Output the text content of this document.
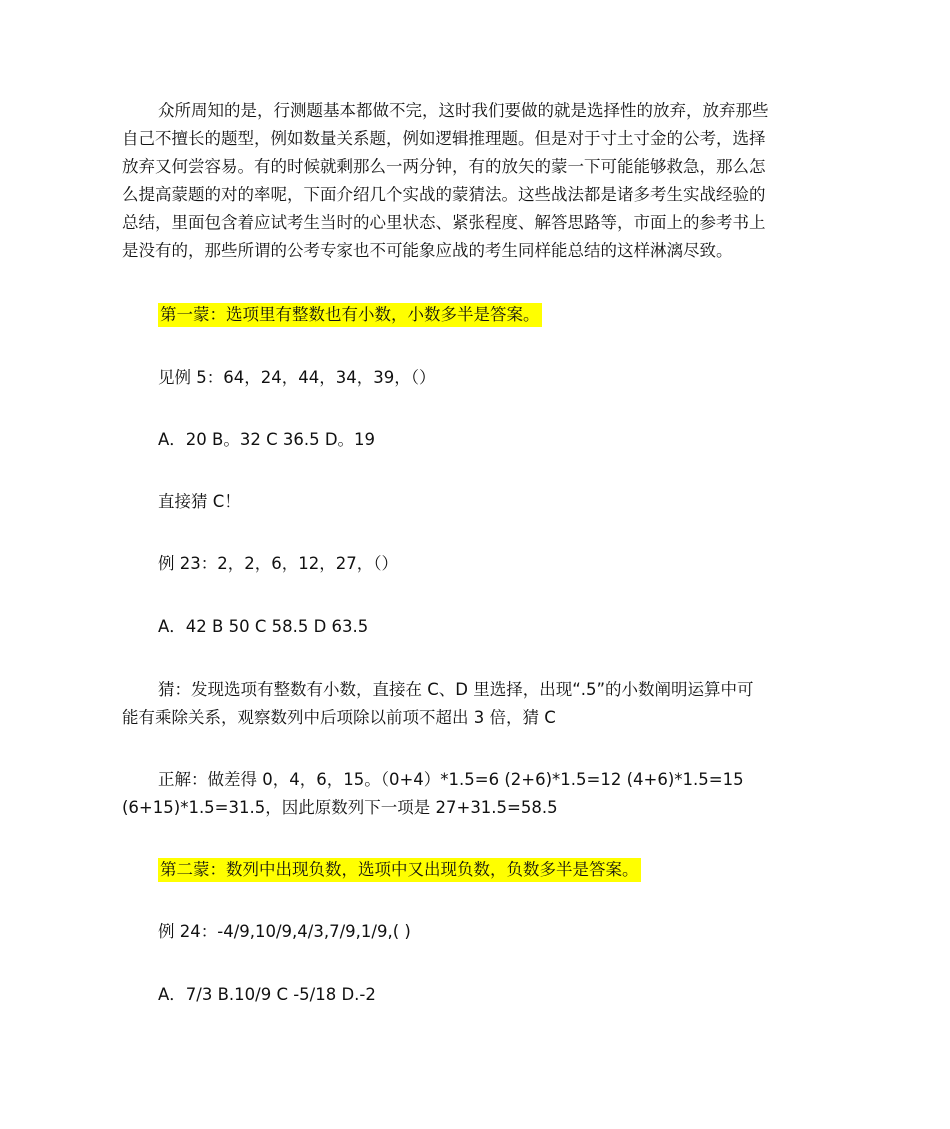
众所周知的是，行测题基本都做不完，这时我们要做的就是选择性的放弃，放弃那些

自己不擅长的题型，例如数量关系题，例如逻辑推理题。但是对于寸土寸金的公考，选择

放弃又何尝容易。有的时候就剩那么一两分钟，有的放矢的蒙一下可能能够救急，那么怎

么提高蒙题的对的率呢，下面介绍几个实战的蒙猜法。这些战法都是诸多考生实战经验的

总结，里面包含着应试考生当时的心里状态、紧张程度、解答思路等，市面上的参考书上

是没有的，那些所谓的公考专家也不可能象应战的考生同样能总结的这样淋漓尽致。

第一蒙：选项里有整数也有小数，小数多半是答案。

见例 5：64，24，44，34，39，（）

A．20 B。32 C 36.5 D。19

直接猜 C！

例 23：2，2，6，12，27，（）

A．42 B 50 C 58.5 D 63.5

猜：发现选项有整数有小数，直接在 C、D 里选择，出现“.5”的小数阐明运算中可

能有乘除关系，观察数列中后项除以前项不超出 3 倍，猜 C

正解：做差得 0，4，6，15。（0+4）*1.5=6 (2+6)*1.5=12 (4+6)*1.5=15

(6+15)*1.5=31.5，因此原数列下一项是 27+31.5=58.5

第二蒙：数列中出现负数，选项中又出现负数，负数多半是答案。

例 24：-4/9,10/9,4/3,7/9,1/9,( )

A．7/3 B.10/9 C -5/18 D.-2
